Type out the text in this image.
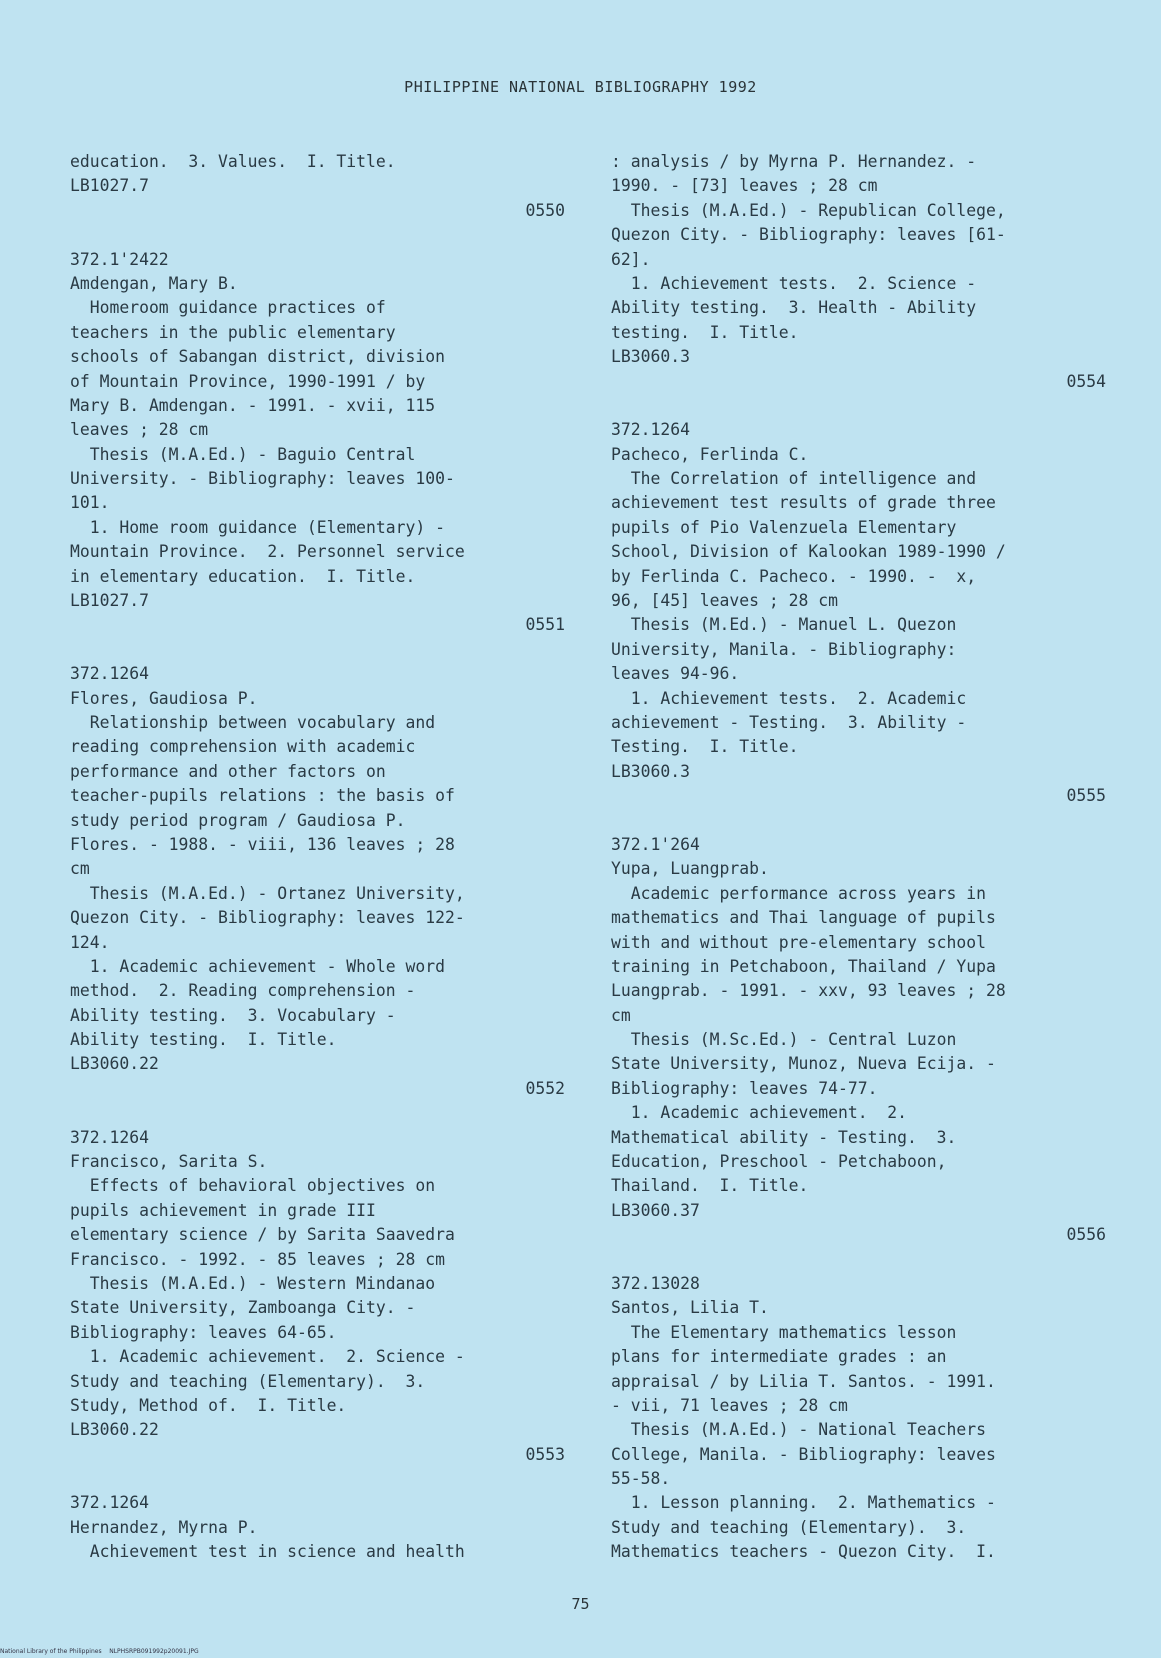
PHILIPPINE NATIONAL BIBLIOGRAPHY 1992
education.  3. Values.  I. Title.
LB1027.7
0550
372.1'2422
Amdengan, Mary B.
Homeroom guidance practices of
teachers in the public elementary
schools of Sabangan district, division
of Mountain Province, 1990-1991 / by
Mary B. Amdengan. - 1991. - xvii, 115
leaves ; 28 cm
Thesis (M.A.Ed.) - Baguio Central
University. - Bibliography: leaves 100-
101.
1. Home room guidance (Elementary) -
Mountain Province.  2. Personnel service
in elementary education.  I. Title.
LB1027.7
0551
372.1264
Flores, Gaudiosa P.
Relationship between vocabulary and
reading comprehension with academic
performance and other factors on
teacher-pupils relations : the basis of
study period program / Gaudiosa P.
Flores. - 1988. - viii, 136 leaves ; 28
cm
Thesis (M.A.Ed.) - Ortanez University,
Quezon City. - Bibliography: leaves 122-
124.
1. Academic achievement - Whole word
method.  2. Reading comprehension -
Ability testing.  3. Vocabulary -
Ability testing.  I. Title.
LB3060.22
0552
372.1264
Francisco, Sarita S.
Effects of behavioral objectives on
pupils achievement in grade III
elementary science / by Sarita Saavedra
Francisco. - 1992. - 85 leaves ; 28 cm
Thesis (M.A.Ed.) - Western Mindanao
State University, Zamboanga City. -
Bibliography: leaves 64-65.
1. Academic achievement.  2. Science -
Study and teaching (Elementary).  3.
Study, Method of.  I. Title.
LB3060.22
0553
372.1264
Hernandez, Myrna P.
Achievement test in science and health
: analysis / by Myrna P. Hernandez. -
1990. - [73] leaves ; 28 cm
Thesis (M.A.Ed.) - Republican College,
Quezon City. - Bibliography: leaves [61-
62].
1. Achievement tests.  2. Science -
Ability testing.  3. Health - Ability
testing.  I. Title.
LB3060.3
0554
372.1264
Pacheco, Ferlinda C.
The Correlation of intelligence and
achievement test results of grade three
pupils of Pio Valenzuela Elementary
School, Division of Kalookan 1989-1990 /
by Ferlinda C. Pacheco. - 1990. -  x,
96, [45] leaves ; 28 cm
Thesis (M.Ed.) - Manuel L. Quezon
University, Manila. - Bibliography:
leaves 94-96.
1. Achievement tests.  2. Academic
achievement - Testing.  3. Ability -
Testing.  I. Title.
LB3060.3
0555
372.1'264
Yupa, Luangprab.
Academic performance across years in
mathematics and Thai language of pupils
with and without pre-elementary school
training in Petchaboon, Thailand / Yupa
Luangprab. - 1991. - xxv, 93 leaves ; 28
cm
Thesis (M.Sc.Ed.) - Central Luzon
State University, Munoz, Nueva Ecija. -
Bibliography: leaves 74-77.
1. Academic achievement.  2.
Mathematical ability - Testing.  3.
Education, Preschool - Petchaboon,
Thailand.  I. Title.
LB3060.37
0556
372.13028
Santos, Lilia T.
The Elementary mathematics lesson
plans for intermediate grades : an
appraisal / by Lilia T. Santos. - 1991.
- vii, 71 leaves ; 28 cm
Thesis (M.A.Ed.) - National Teachers
College, Manila. - Bibliography: leaves
55-58.
1. Lesson planning.  2. Mathematics -
Study and teaching (Elementary).  3.
Mathematics teachers - Quezon City.  I.
75
National Library of the Philippines    NLPHSRPB091992p20091.JPG
